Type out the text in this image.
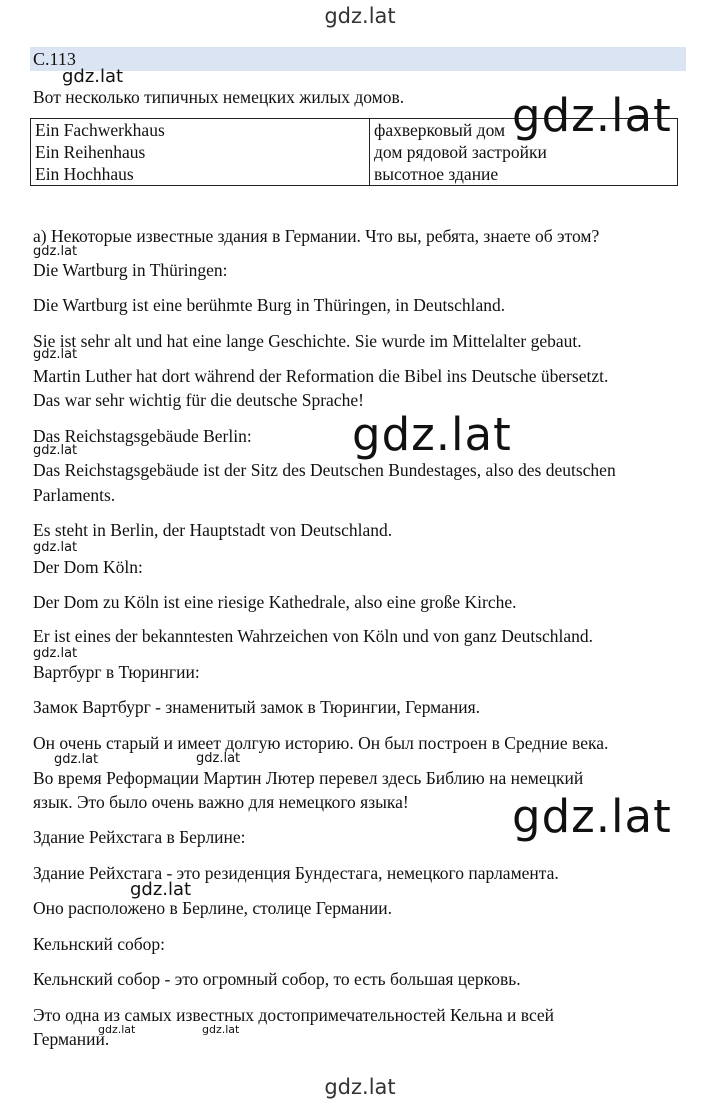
С.113
Вот несколько типичных немецких жилых домов.
Ein Fachwerkhaus	фахверковый дом
Ein Reihenhaus	дом рядовой застройки
Ein Hochhaus	высотное здание
а) Некоторые известные здания в Германии. Что вы, ребята, знаете об этом?
Die Wartburg in Thüringen:
Die Wartburg ist eine berühmte Burg in Thüringen, in Deutschland.
Sie ist sehr alt und hat eine lange Geschichte. Sie wurde im Mittelalter gebaut.
Martin Luther hat dort während der Reformation die Bibel ins Deutsche übersetzt.
Das war sehr wichtig für die deutsche Sprache!
Das Reichstagsgebäude Berlin:
Das Reichstagsgebäude ist der Sitz des Deutschen Bundestages, also des deutschen
Parlaments.
Es steht in Berlin, der Hauptstadt von Deutschland.
Der Dom Köln:
Der Dom zu Köln ist eine riesige Kathedrale, also eine große Kirche.
Er ist eines der bekanntesten Wahrzeichen von Köln und von ganz Deutschland.
Вартбург в Тюрингии:
Замок Вартбург - знаменитый замок в Тюрингии, Германия.
Он очень старый и имеет долгую историю. Он был построен в Средние века.
Во время Реформации Мартин Лютер перевел здесь Библию на немецкий
язык. Это было очень важно для немецкого языка!
Здание Рейхстага в Берлине:
Здание Рейхстага - это резиденция Бундестага, немецкого парламента.
Оно расположено в Берлине, столице Германии.
Кельнский собор:
Кельнский собор - это огромный собор, то есть большая церковь.
Это одна из самых известных достопримечательностей Кельна и всей
Германии.
gdz.lat
gdz.lat
gdz.lat
gdz.lat
gdz.lat
gdz.lat
gdz.lat
gdz.lat
gdz.lat
gdz.lat	gdz.lat
gdz.lat
gdz.lat
gdz.lat	gdz.lat
gdz.lat
